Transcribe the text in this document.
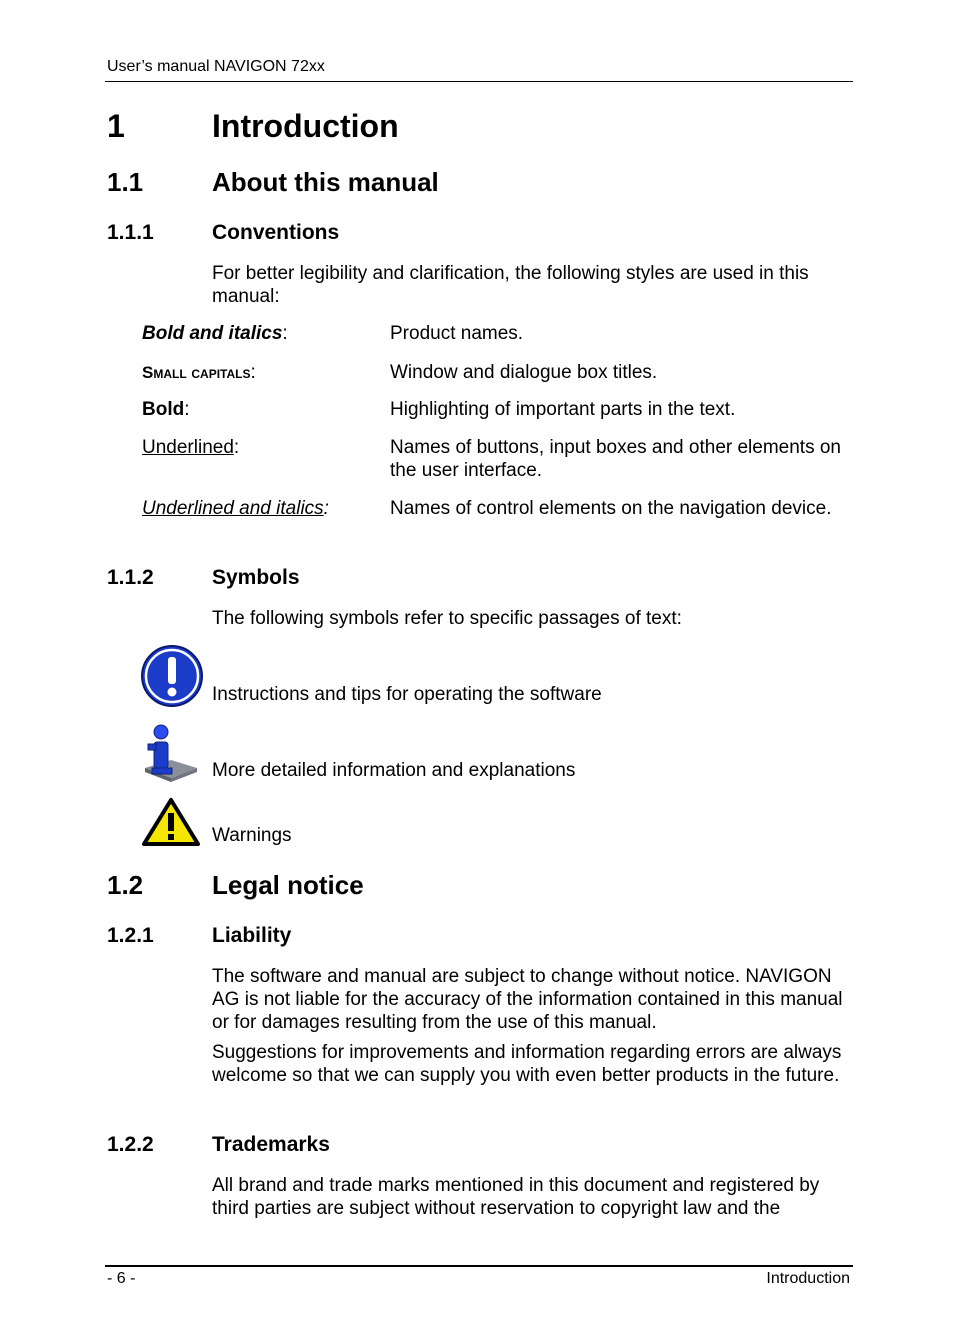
User’s manual NAVIGON 72xx
1	Introduction
1.1	About this manual
1.1.1	Conventions
For better legibility and clarification, the following styles are used in this manual:
Bold and italics:	Product names.
Small capitals:	Window and dialogue box titles.
Bold:	Highlighting of important parts in the text.
Underlined:	Names of buttons, input boxes and other elements on the user interface.
Underlined and italics:	Names of control elements on the navigation device.
1.1.2	Symbols
The following symbols refer to specific passages of text:
Instructions and tips for operating the software
More detailed information and explanations
Warnings
1.2	Legal notice
1.2.1	Liability
The software and manual are subject to change without notice. NAVIGON AG is not liable for the accuracy of the information contained in this manual or for damages resulting from the use of this manual.
Suggestions for improvements and information regarding errors are always welcome so that we can supply you with even better products in the future.
1.2.2	Trademarks
All brand and trade marks mentioned in this document and registered by third parties are subject without reservation to copyright law and the
- 6 -	Introduction
